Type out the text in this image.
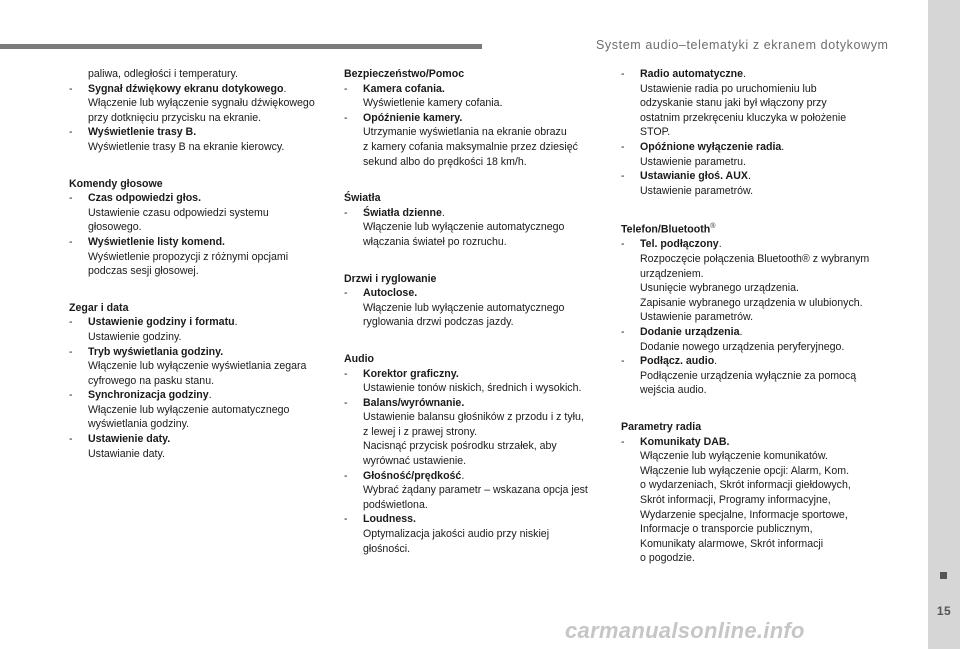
System audio–telematyki z ekranem dotykowym
paliwa, odległości i temperatury.
- Sygnał dźwiękowy ekranu dotykowego.
Włączenie lub wyłączenie sygnału dźwiękowego
przy dotknięciu przycisku na ekranie.
- Wyświetlenie trasy B.
Wyświetlenie trasy B na ekranie kierowcy.
Komendy głosowe
- Czas odpowiedzi głos.
Ustawienie czasu odpowiedzi systemu
głosowego.
- Wyświetlenie listy komend.
Wyświetlenie propozycji z różnymi opcjami
podczas sesji głosowej.
Zegar i data
- Ustawienie godziny i formatu.
Ustawienie godziny.
- Tryb wyświetlania godziny.
Włączenie lub wyłączenie wyświetlania zegara
cyfrowego na pasku stanu.
- Synchronizacja godziny.
Włączenie lub wyłączenie automatycznego
wyświetlania godziny.
- Ustawienie daty.
Ustawianie daty.
Bezpieczeństwo/Pomoc
- Kamera cofania.
Wyświetlenie kamery cofania.
- Opóźnienie kamery.
Utrzymanie wyświetlania na ekranie obrazu
z kamery cofania maksymalnie przez dziesięć
sekund albo do prędkości 18 km/h.
Światła
- Światła dzienne.
Włączenie lub wyłączenie automatycznego
włączania świateł po rozruchu.
Drzwi i ryglowanie
- Autoclose.
Włączenie lub wyłączenie automatycznego
ryglowania drzwi podczas jazdy.
Audio
- Korektor graficzny.
Ustawienie tonów niskich, średnich i wysokich.
- Balans/wyrównanie.
Ustawienie balansu głośników z przodu i z tyłu,
z lewej i z prawej strony.
Nacisnąć przycisk pośrodku strzałek, aby
wyrównać ustawienie.
- Głośność/prędkość.
Wybrać żądany parametr – wskazana opcja jest
podświetlona.
- Loudness.
Optymalizacja jakości audio przy niskiej
głośności.
- Radio automatyczne.
Ustawienie radia po uruchomieniu lub
odzyskanie stanu jaki był włączony przy
ostatnim przekręceniu kluczyka w położenie
STOP.
- Opóźnione wyłączenie radia.
Ustawienie parametru.
- Ustawianie głoś. AUX.
Ustawienie parametrów.
Telefon/Bluetooth®
- Tel. podłączony.
Rozpoczęcie połączenia Bluetooth® z wybranym
urządzeniem.
Usunięcie wybranego urządzenia.
Zapisanie wybranego urządzenia w ulubionych.
Ustawienie parametrów.
- Dodanie urządzenia.
Dodanie nowego urządzenia peryferyjnego.
- Podłącz. audio.
Podłączenie urządzenia wyłącznie za pomocą
wejścia audio.
Parametry radia
- Komunikaty DAB.
Włączenie lub wyłączenie komunikatów.
Włączenie lub wyłączenie opcji: Alarm, Kom.
o wydarzeniach, Skrót informacji giełdowych,
Skrót informacji, Programy informacyjne,
Wydarzenie specjalne, Informacje sportowe,
Informacje o transporcie publicznym,
Komunikaty alarmowe, Skrót informacji
o pogodzie.
15
carmanualsonline.info
